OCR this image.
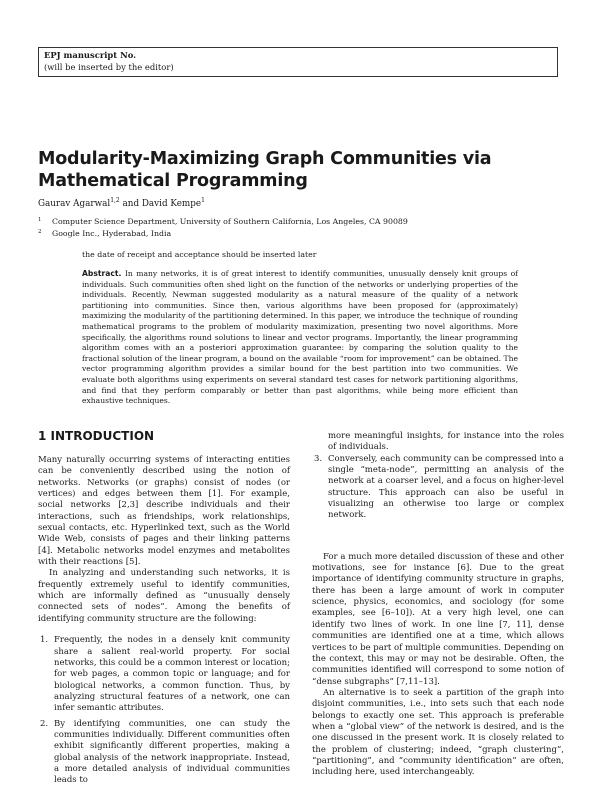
EPJ manuscript No.
(will be inserted by the editor)
Modularity-Maximizing Graph Communities via Mathematical Programming
Gaurav Agarwal$^{1,2}$ and David Kempe$^1$
$^1$ Computer Science Department, University of Southern California, Los Angeles, CA 90089
$^2$ Google Inc., Hyderabad, India
the date of receipt and acceptance should be inserted later

Abstract. In many networks, it is of great interest to identify communities, unusually densely knit groups of individuals. Such communities often shed light on the function of the networks or underlying properties of the individuals. Recently, Newman suggested modularity as a natural measure of the quality of a network partitioning into communities. Since then, various algorithms have been proposed for (approximately) maximizing the modularity of the partitioning determined. In this paper, we introduce the technique of rounding mathematical programs to the problem of modularity maximization, presenting two novel algorithms. More specifically, the algorithms round solutions to linear and vector programs. Importantly, the linear programming algorithm comes with an a posteriori approximation guarantee: by comparing the solution quality to the fractional solution of the linear program, a bound on the available “room for improvement” can be obtained. The vector programming algorithm provides a similar bound for the best partition into two communities. We evaluate both algorithms using experiments on several standard test cases for network partitioning algorithms, and find that they perform comparably or better than past algorithms, while being more efficient than exhaustive techniques.

1 INTRODUCTION

Many naturally occurring systems of interacting entities can be conveniently described using the notion of networks. Networks (or graphs) consist of nodes (or vertices) and edges between them [1]. For example, social networks [2,3] describe individuals and their interactions, such as friendships, work relationships, sexual contacts, etc. Hyperlinked text, such as the World Wide Web, consists of pages and their linking patterns [4]. Metabolic networks model enzymes and metabolites with their reactions [5].

In analyzing and understanding such networks, it is frequently extremely useful to identify communities, which are informally defined as “unusually densely connected sets of nodes”. Among the benefits of identifying community structure are the following:

1. Frequently, the nodes in a densely knit community share a salient real-world property. For social networks, this could be a common interest or location; for web pages, a common topic or language; and for biological networks, a common function. Thus, by analyzing structural features of a network, one can infer semantic attributes.
2. By identifying communities, one can study the communities individually. Different communities often exhibit significantly different properties, making a global analysis of the network inappropriate. Instead, a more detailed analysis of individual communities leads to
more meaningful insights, for instance into the roles of individuals.
3. Conversely, each community can be compressed into a single “meta-node”, permitting an analysis of the network at a coarser level, and a focus on higher-level structure. This approach can also be useful in visualizing an otherwise too large or complex network.

For a much more detailed discussion of these and other motivations, see for instance [6]. Due to the great importance of identifying community structure in graphs, there has been a large amount of work in computer science, physics, economics, and sociology (for some examples, see [6–10]). At a very high level, one can identify two lines of work. In one line [7, 11], dense communities are identified one at a time, which allows vertices to be part of multiple communities. Depending on the context, this may or may not be desirable. Often, the communities identified will correspond to some notion of “dense subgraphs” [7,11–13].

An alternative is to seek a partition of the graph into disjoint communities, i.e., into sets such that each node belongs to exactly one set. This approach is preferable when a “global view” of the network is desired, and is the one discussed in the present work. It is closely related to the problem of clustering; indeed, “graph clustering”, “partitioning”, and “community identification” are often, including here, used interchangeably.
